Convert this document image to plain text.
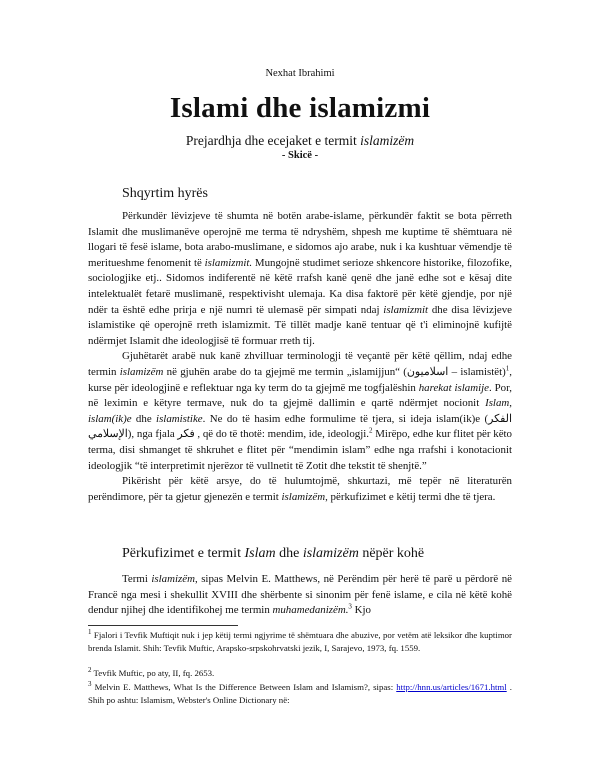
Nexhat Ibrahimi
Islami dhe islamizmi
Prejardhja dhe ecejaket e termit islamizëm
- Skicë -
Shqyrtim hyrës

Përkundër lëvizjeve të shumta në botën arabe-islame, përkundër faktit se bota përreth Islamit dhe muslimanëve operojnë me terma të ndryshëm, shpesh me kuptime të shëmtuara në llogari të fesë islame, bota arabo-muslimane, e sidomos ajo arabe, nuk i ka kushtuar vëmendje të meritueshme fenomenit të islamizmit. Mungojnë studimet serioze shkencore historike, filozofike, sociologjike etj.. Sidomos indiferentë në këtë rrafsh kanë qenë dhe janë edhe sot e kësaj dite intelektualët fetarë muslimanë, respektivisht ulemaja. Ka disa faktorë për këtë gjendje, por një ndër ta është edhe prirja e një numri të ulemasë për simpati ndaj islamizmit dhe disa lëvizjeve islamistike që operojnë rreth islamizmit. Të tillët madje kanë tentuar që t'i eliminojnë kufijtë ndërmjet Islamit dhe ideologjisë të formuar rreth tij.

Gjuhëtarët arabë nuk kanë zhvilluar terminologji të veçantë për këtë qëllim, ndaj edhe termin islamizëm në gjuhën arabe do ta gjejmë me termin „islamijjun“ (اسلاميون – islamistët)$^1$, kurse për ideologjinë e reflektuar nga ky term do ta gjejmë me togfjalëshin harekat islamije. Por, në leximin e këtyre termave, nuk do ta gjejmë dallimin e qartë ndërmjet nocionit Islam, islam(ik)e dhe islamistike. Ne do të hasim edhe formulime të tjera, si ideja islam(ik)e (الفكر الإسلامي), nga fjala فكر , që do të thotë: mendim, ide, ideologji.$^2$ Mirëpo, edhe kur flitet për këto terma, disi shmanget të shkruhet e flitet për “mendimin islam” edhe nga rrafshi i konotacionit ideologjik “të interpretimit njerëzor të vullnetit të Zotit dhe tekstit të shenjtë.”

Pikërisht për këtë arsye, do të hulumtojmë, shkurtazi, më tepër në literaturën perëndimore, për ta gjetur gjenezën e termit islamizëm, përkufizimet e këtij termi dhe të tjera.

Përkufizimet e termit Islam dhe islamizëm nëpër kohë

Termi islamizëm, sipas Melvin E. Matthews, në Perëndim për herë të parë u përdorë në Francë nga mesi i shekullit XVIII dhe shërbente si sinonim për fenë islame, e cila në këtë kohë dendur njihej dhe identifikohej me termin muhamedanizëm.$^3$ Kjo

$^1$ Fjalori i Tevfik Muftiqit nuk i jep këtij termi ngjyrime të shëmtuara dhe abuzive, por vetëm atë leksikor dhe kuptimor brenda Islamit. Shih: Tevfik Muftic, Arapsko-srpskohrvatski jezik, I, Sarajevo, 1973, fq. 1559.
$^2$ Tevfik Muftic, po aty, II, fq. 2653.
$^3$ Melvin E. Matthews, What Is the Difference Between Islam and Islamism?, sipas: http://hnn.us/articles/1671.html . Shih po ashtu: Islamism, Webster's Online Dictionary në:
